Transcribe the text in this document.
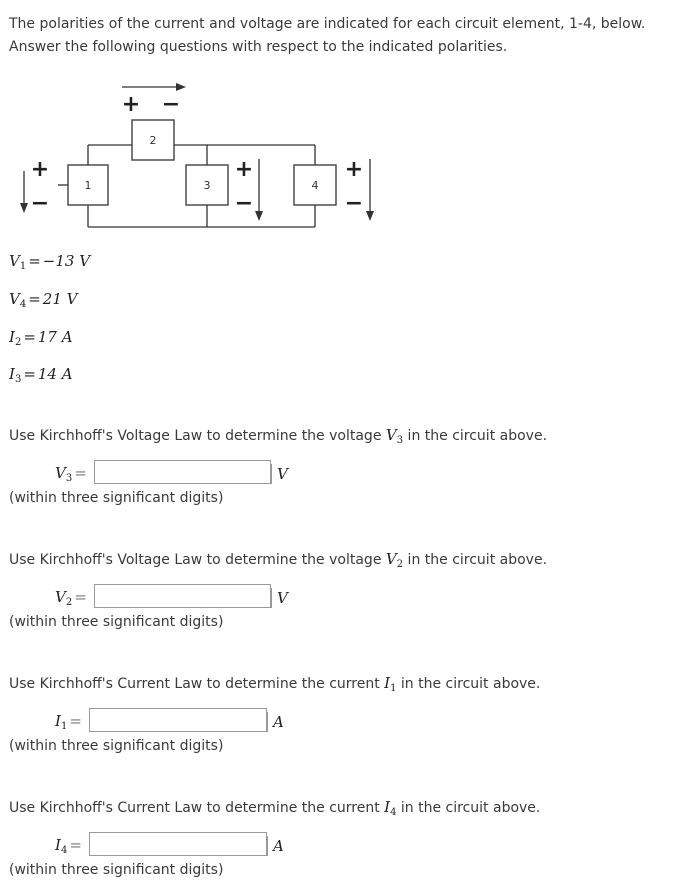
The polarities of the current and voltage are indicated for each circuit element, 1-4, below. Answer the following questions with respect to the indicated polarities.
+
−
+ −
+
−
+
−
1
2
3	4
$V_1 = -13$ V
$V_4 = 21$ V
$I_2 = 17$ A
$I_3 = 14$ A
Use Kirchhoff's Voltage Law to determine the voltage $V_3$ in the circuit above.
$V_3$ =	V
(within three significant digits)
Use Kirchhoff's Voltage Law to determine the voltage $V_2$ in the circuit above.
$V_2$ =	V
(within three significant digits)
Use Kirchhoff's Current Law to determine the current $I_1$ in the circuit above.
$I_1$ =	A
(within three significant digits)
Use Kirchhoff's Current Law to determine the current $I_4$ in the circuit above.
$I_4$ =	A
(within three significant digits)
